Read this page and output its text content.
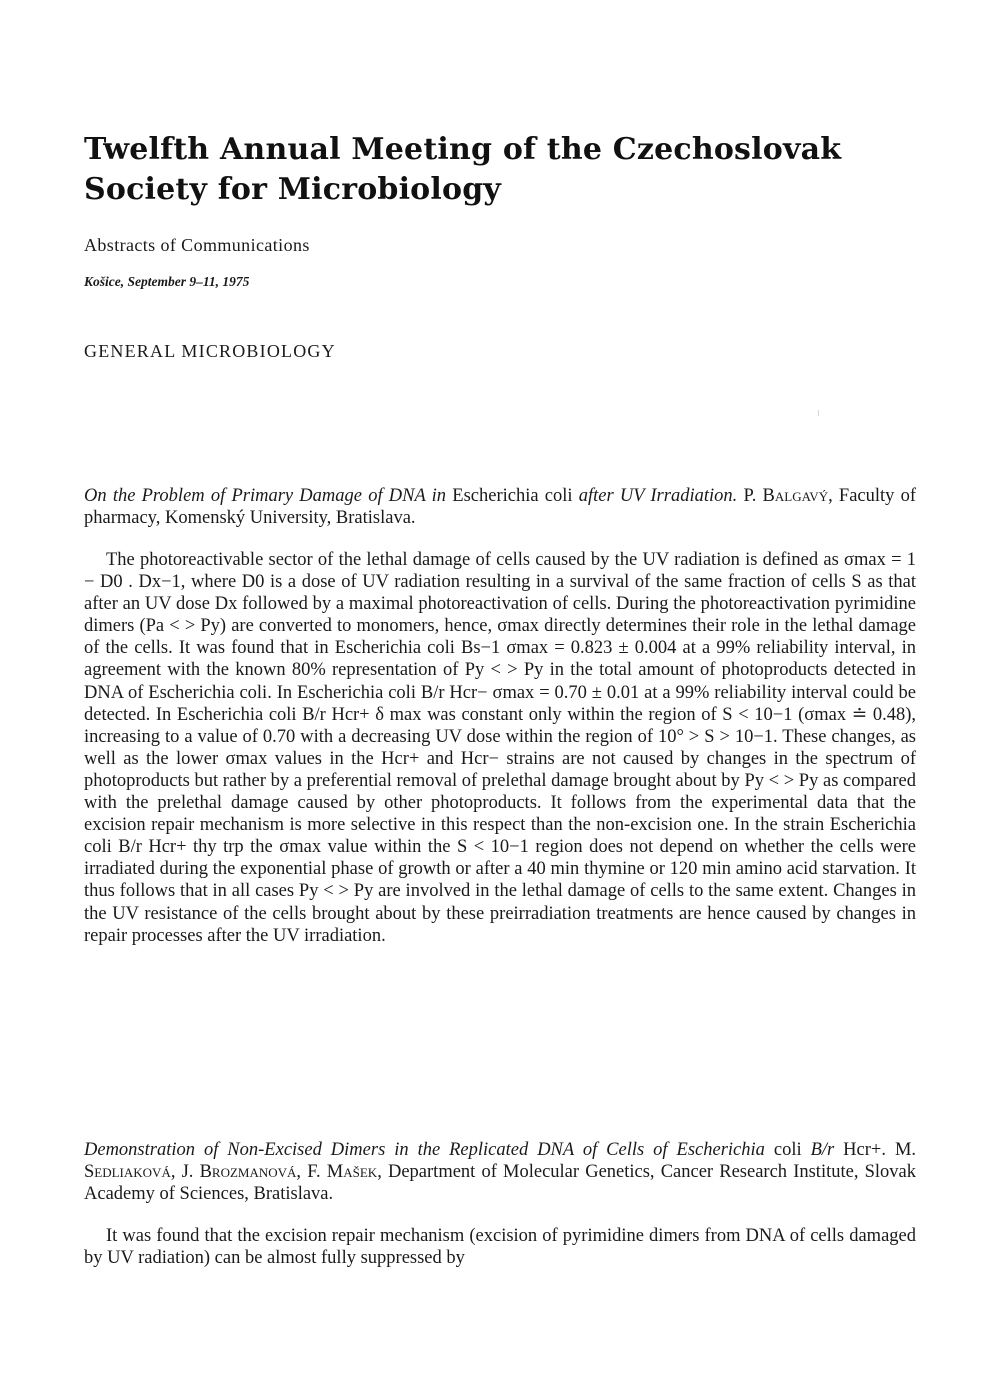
Twelfth Annual Meeting of the Czechoslovak Society for Microbiology
Abstracts of Communications
Košice, September 9–11, 1975
GENERAL MICROBIOLOGY
On the Problem of Primary Damage of DNA in Escherichia coli after UV Irradiation. P. Balgavý, Faculty of pharmacy, Komenský University, Bratislava.

The photoreactivable sector of the lethal damage of cells caused by the UV radiation is defined as σmax = 1 − D0 . Dx−1, where D0 is a dose of UV radiation resulting in a survival of the same fraction of cells S as that after an UV dose Dx followed by a maximal photoreactivation of cells. During the photoreactivation pyrimidine dimers (Pa < > Py) are converted to monomers, hence, σmax directly determines their role in the lethal damage of the cells. It was found that in Escherichia coli Bs−1 σmax = 0.823 ± 0.004 at a 99% reliability interval, in agreement with the known 80% representation of Py < > Py in the total amount of photoproducts detected in DNA of Escherichia coli. In Escherichia coli B/r Hcr− σmax = 0.70 ± 0.01 at a 99% reliability interval could be detected. In Escherichia coli B/r Hcr+ δ max was constant only within the region of S < 10−1 (σmax ≐ 0.48), increasing to a value of 0.70 with a decreasing UV dose within the region of 10° > S > 10−1. These changes, as well as the lower σmax values in the Hcr+ and Hcr− strains are not caused by changes in the spectrum of photoproducts but rather by a preferential removal of prelethal damage brought about by Py < > Py as compared with the prelethal damage caused by other photoproducts. It follows from the experimental data that the excision repair mechanism is more selective in this respect than the non-excision one. In the strain Escherichia coli B/r Hcr+ thy trp the σmax value within the S < 10−1 region does not depend on whether the cells were irradiated during the exponential phase of growth or after a 40 min thymine or 120 min amino acid starvation. It thus follows that in all cases Py < > Py are involved in the lethal damage of cells to the same extent. Changes in the UV resistance of the cells brought about by these preirradiation treatments are hence caused by changes in repair processes after the UV irradiation.

Demonstration of Non-Excised Dimers in the Replicated DNA of Cells of Escherichia coli B/r Hcr+. M. Sedliaková, J. Brozmanová, F. Mašek, Department of Molecular Genetics, Cancer Research Institute, Slovak Academy of Sciences, Bratislava.

It was found that the excision repair mechanism (excision of pyrimidine dimers from DNA of cells damaged by UV radiation) can be almost fully suppressed by
